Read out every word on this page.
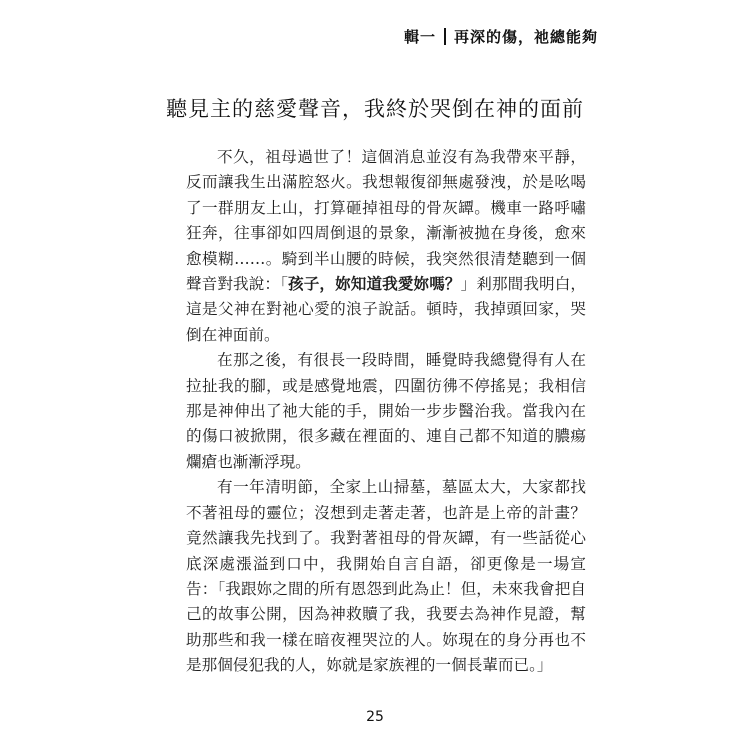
輯一 再深的傷，祂總能夠
聽見主的慈愛聲音，我終於哭倒在神的面前

不久，祖母過世了！這個消息並沒有為我帶來平靜，反而讓我生出滿腔怒火。我想報復卻無處發洩，於是吆喝了一群朋友上山，打算砸掉祖母的骨灰罈。機車一路呼嘯狂奔，往事卻如四周倒退的景象，漸漸被拋在身後，愈來愈模糊……。騎到半山腰的時候，我突然很清楚聽到一個聲音對我說：「孩子，妳知道我愛妳嗎？」剎那間我明白，這是父神在對祂心愛的浪子說話。頓時，我掉頭回家，哭倒在神面前。

在那之後，有很長一段時間，睡覺時我總覺得有人在拉扯我的腳，或是感覺地震，四圍彷彿不停搖晃；我相信那是神伸出了祂大能的手，開始一步步醫治我。當我內在的傷口被掀開，很多藏在裡面的、連自己都不知道的膿瘍爛瘡也漸漸浮現。

有一年清明節，全家上山掃墓，墓區太大，大家都找不著祖母的靈位；沒想到走著走著，也許是上帝的計畫？竟然讓我先找到了。我對著祖母的骨灰罈，有一些話從心底深處漲溢到口中，我開始自言自語，卻更像是一場宣告：「我跟妳之間的所有恩怨到此為止！但，未來我會把自己的故事公開，因為神救贖了我，我要去為神作見證，幫助那些和我一樣在暗夜裡哭泣的人。妳現在的身分再也不是那個侵犯我的人，妳就是家族裡的一個長輩而已。」

25
